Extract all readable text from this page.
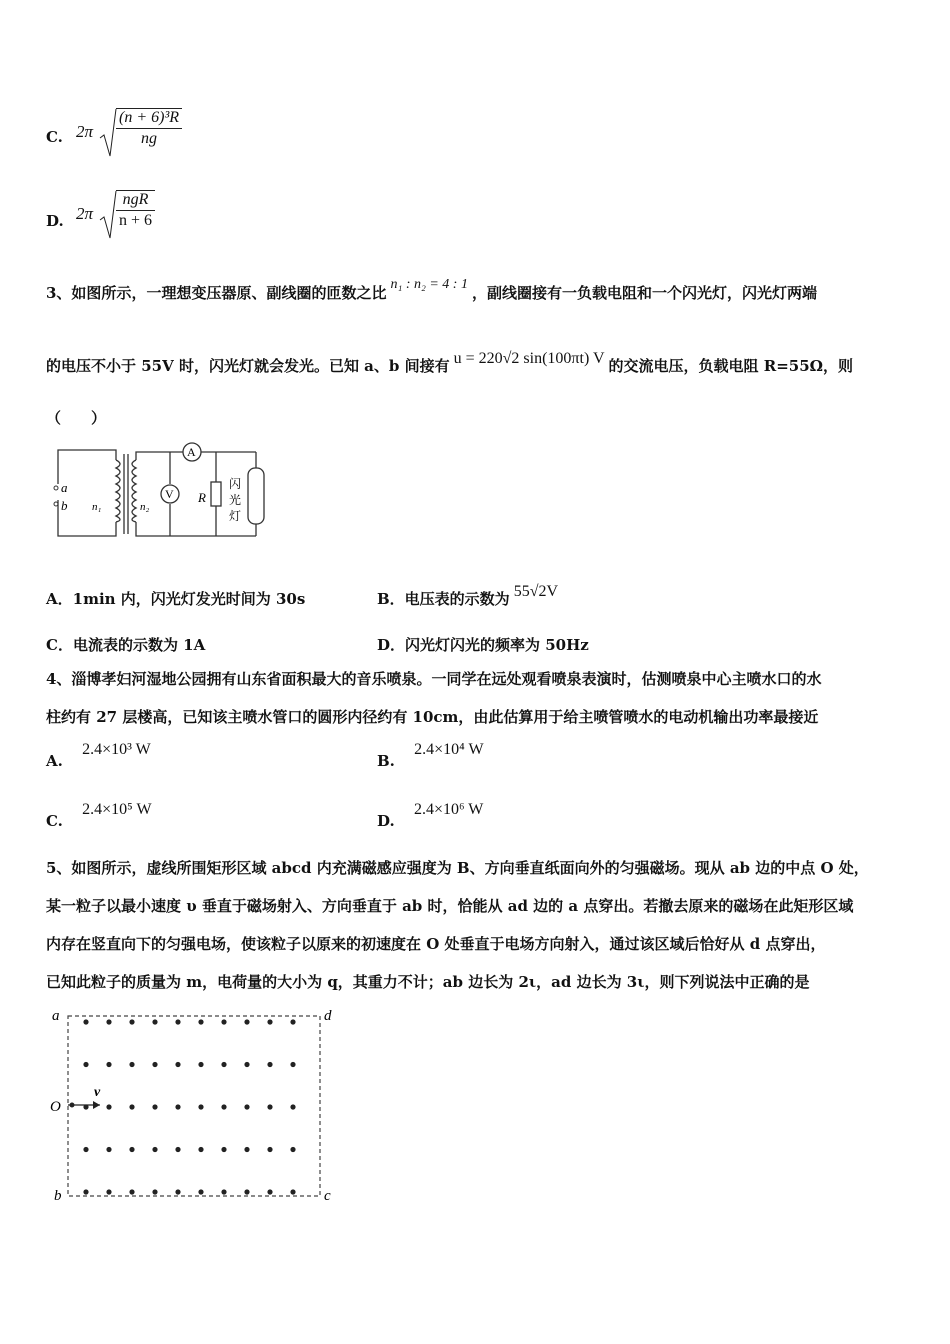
C. $2\pi \frac{\text{(n + 6)³R}}{ng}$
D. 2π
ngR
n + 6
3、如图所示，一理想变压器原、副线圈的匝数之比 n₁ : n₂ = 4 : 1 ，副线圈接有一负载电阻和一个闪光灯，闪光灯两端
的电压不小于 55V 时，闪光灯就会发光。已知 a、b 间接有 u = 220√2 sin(100πt) V 的交流电压，负载电阻 R=55Ω，则
（　　）
a
b n₁	n₂
A
V R
闪
光
灯
A．1min 内，闪光灯发光时间为 30s	B．电压表的示数为 55√2V
C．电流表的示数为 1A	D．闪光灯闪光的频率为 50Hz
4、淄博孝妇河湿地公园拥有山东省面积最大的音乐喷泉。一同学在远处观看喷泉表演时，估测喷泉中心主喷水口的水
柱约有 27 层楼高，已知该主喷水管口的圆形内径约有 10cm，由此估算用于给主喷管喷水的电动机输出功率最接近
A. 2.4×10³ W
B. 2.4×10⁴ W
C. 2.4×10⁵ W
D. 2.4×10⁶ W
5、如图所示，虚线所围矩形区域 abcd 内充满磁感应强度为 B、方向垂直纸面向外的匀强磁场。现从 ab 边的中点 O 处，
某一粒子以最小速度 υ 垂直于磁场射入、方向垂直于 ab 时，恰能从 ad 边的 a 点穿出。若撤去原来的磁场在此矩形区域
内存在竖直向下的匀强电场，使该粒子以原来的初速度在 O 处垂直于电场方向射入，通过该区域后恰好从 d 点穿出，
已知此粒子的质量为 m，电荷量的大小为 q，其重力不计；ab 边长为 2ι，ad 边长为 3ι，则下列说法中正确的是
a	d
b	c
O
v
